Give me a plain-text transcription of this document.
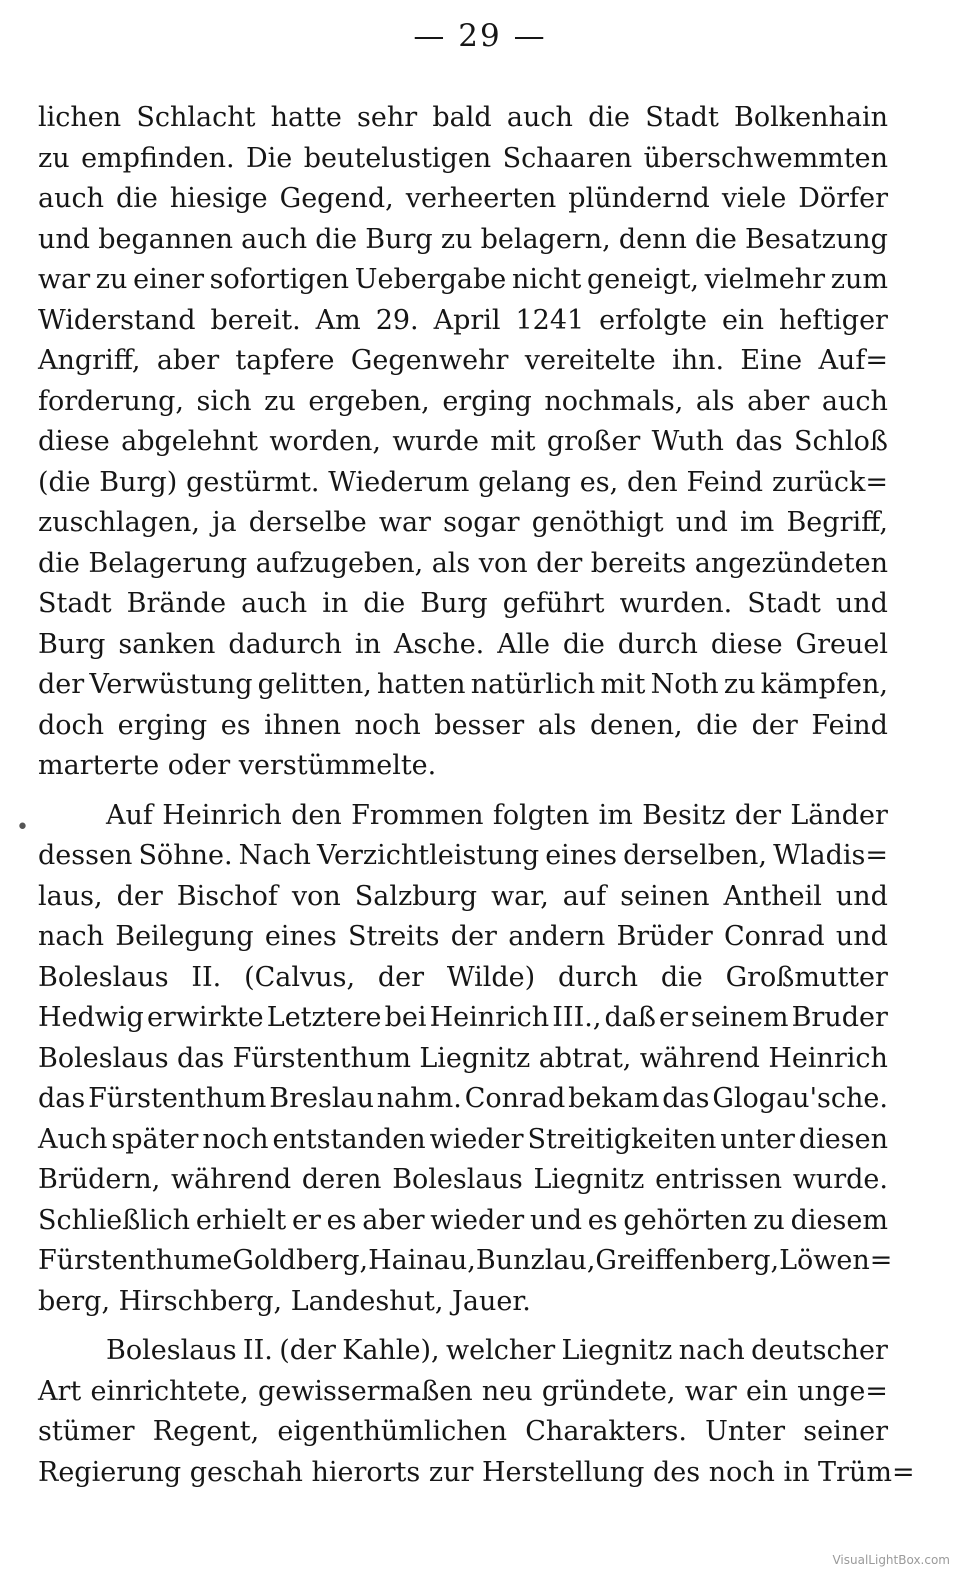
— 29 —
•
lichen Schlacht hatte sehr bald auch die Stadt Bolkenhain
zu empfinden. Die beutelustigen Schaaren überschwemmten
auch die hiesige Gegend, verheerten plündernd viele Dörfer
und begannen auch die Burg zu belagern, denn die Besatzung
war zu einer sofortigen Uebergabe nicht geneigt, vielmehr zum
Widerstand bereit. Am 29. April 1241 erfolgte ein heftiger
Angriff, aber tapfere Gegenwehr vereitelte ihn. Eine Auf=
forderung, sich zu ergeben, erging nochmals, als aber auch
diese abgelehnt worden, wurde mit großer Wuth das Schloß
(die Burg) gestürmt. Wiederum gelang es, den Feind zurück=
zuschlagen, ja derselbe war sogar genöthigt und im Begriff,
die Belagerung aufzugeben, als von der bereits angezündeten
Stadt Brände auch in die Burg geführt wurden. Stadt und
Burg sanken dadurch in Asche. Alle die durch diese Greuel
der Verwüstung gelitten, hatten natürlich mit Noth zu kämpfen,
doch erging es ihnen noch besser als denen, die der Feind
marterte oder verstümmelte.
Auf Heinrich den Frommen folgten im Besitz der Länder
dessen Söhne. Nach Verzichtleistung eines derselben, Wladis=
laus, der Bischof von Salzburg war, auf seinen Antheil und
nach Beilegung eines Streits der andern Brüder Conrad und
Boleslaus II. (Calvus, der Wilde) durch die Großmutter
Hedwig erwirkte Letztere bei Heinrich III., daß er seinem Bruder
Boleslaus das Fürstenthum Liegnitz abtrat, während Heinrich
das Fürstenthum Breslau nahm. Conrad bekam das Glogau'sche.
Auch später noch entstanden wieder Streitigkeiten unter diesen
Brüdern, während deren Boleslaus Liegnitz entrissen wurde.
Schließlich erhielt er es aber wieder und es gehörten zu diesem
Fürstenthume Goldberg, Hainau, Bunzlau, Greiffenberg, Löwen=
berg, Hirschberg, Landeshut, Jauer.
Boleslaus II. (der Kahle), welcher Liegnitz nach deutscher
Art einrichtete, gewissermaßen neu gründete, war ein unge=
stümer Regent, eigenthümlichen Charakters. Unter seiner
Regierung geschah hierorts zur Herstellung des noch in Trüm=
VisualLightBox.com
